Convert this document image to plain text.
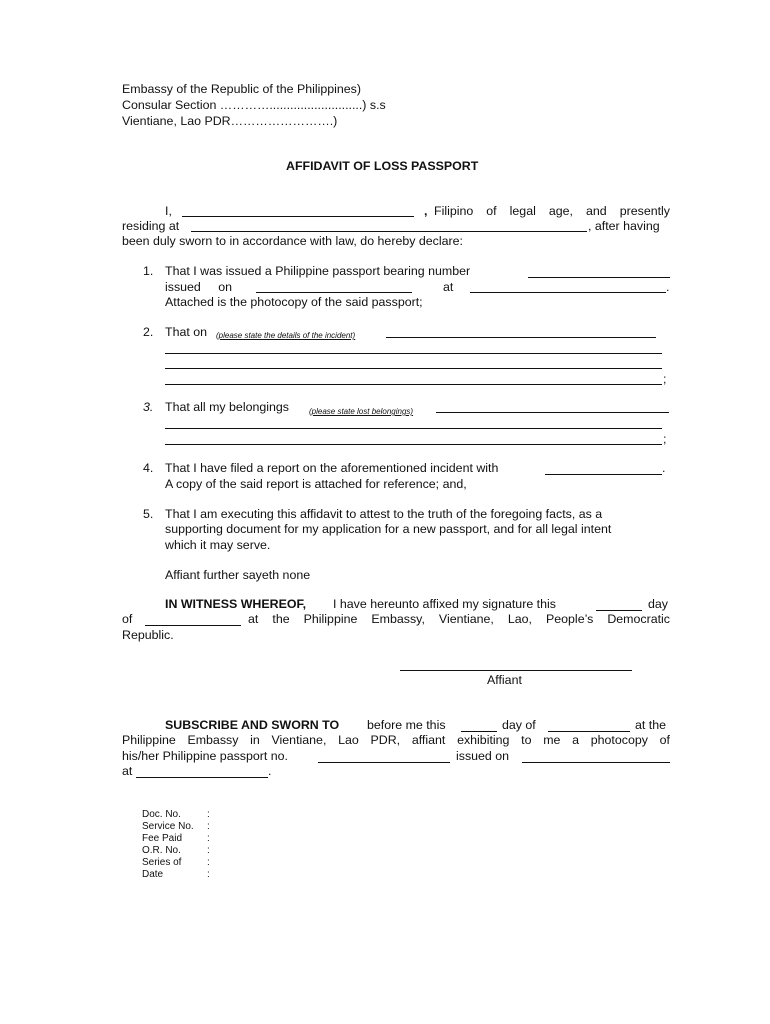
Embassy of the Republic of the Philippines)
Consular Section …………...........................) s.s
Vientiane, Lao PDR…………………….)
AFFIDAVIT OF LOSS PASSPORT
I,	, Filipino of legal age, and presently
residing at	, after having
been duly sworn to in accordance with law, do hereby declare:
1. That I was issued a Philippine passport bearing number
issued on	at	.
Attached is the photocopy of the said passport;
2. That on (please state the details of the incident)
;
3. That all my belongings	(please state lost belongings)
;
4. That I have filed a report on the aforementioned incident with	.
A copy of the said report is attached for reference; and,
5. That I am executing this affidavit to attest to the truth of the foregoing facts, as a
supporting document for my application for a new passport, and for all legal intent
which it may serve.
Affiant further sayeth none
IN WITNESS WHEREOF, I have hereunto affixed my signature this	day
of	at the Philippine Embassy, Vientiane, Lao, People’s Democratic
Republic.
Affiant
SUBSCRIBE AND SWORN TO before me this	day of	at the
Philippine Embassy in Vientiane, Lao PDR, affiant exhibiting to me a photocopy of
his/her Philippine passport no.	issued on
at	.
Doc. No.	:
Service No. :
Fee Paid :
O.R. No.	:
Series of	:
Date	:
